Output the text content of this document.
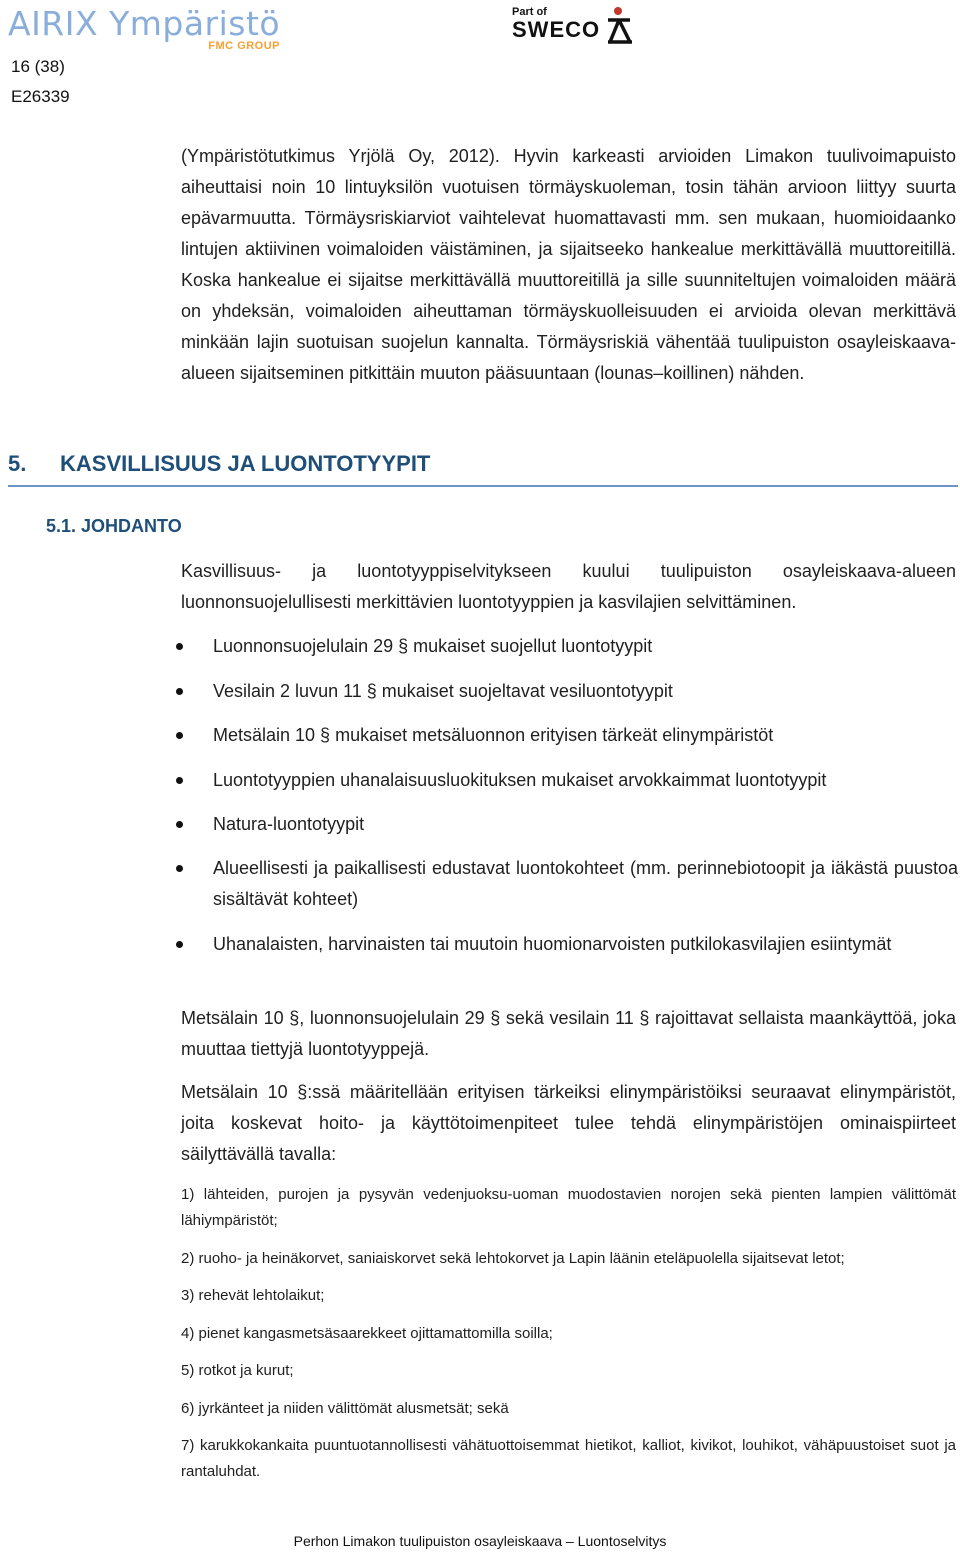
AIRIX Ympäristö
FMC GROUP
Part of
SWECO
16 (38)
E26339

(Ympäristötutkimus Yrjölä Oy, 2012). Hyvin karkeasti arvioiden Limakon tuulivoimapuisto aiheuttaisi noin 10 lintuyksilön vuotuisen törmäyskuoleman, tosin tähän arvioon liittyy suurta epävarmuutta. Törmäysriskiarviot vaihtelevat huomattavasti mm. sen mukaan, huomioidaanko lintujen aktiivinen voimaloiden väistäminen, ja sijaitseeko hankealue merkittävällä muuttoreitillä. Koska hankealue ei sijaitse merkittävällä muuttoreitillä ja sille suunniteltujen voimaloiden määrä on yhdeksän, voimaloiden aiheuttaman törmäyskuolleisuuden ei arvioida olevan merkittävä minkään lajin suotuisan suojelun kannalta. Törmäysriskiä vähentää tuulipuiston osayleiskaava-alueen sijaitseminen pitkittäin muuton pääsuuntaan (lounas–koillinen) nähden.

5. KASVILLISUUS JA LUONTOTYYPIT
5.1. JOHDANTO

Kasvillisuus- ja luontotyyppiselvitykseen kuului tuulipuiston osayleiskaava-alueen luonnonsuojelullisesti merkittävien luontotyyppien ja kasvilajien selvittäminen.

Luonnonsuojelulain 29 § mukaiset suojellut luontotyypit
Vesilain 2 luvun 11 § mukaiset suojeltavat vesiluontotyypit
Metsälain 10 § mukaiset metsäluonnon erityisen tärkeät elinympäristöt
Luontotyyppien uhanalaisuusluokituksen mukaiset arvokkaimmat luontotyypit
Natura-luontotyypit
Alueellisesti ja paikallisesti edustavat luontokohteet (mm. perinnebiotoopit ja iäkästä puustoa sisältävät kohteet)
Uhanalaisten, harvinaisten tai muutoin huomionarvoisten putkilokasvilajien esiintymät

Metsälain 10 §, luonnonsuojelulain 29 § sekä vesilain 11 § rajoittavat sellaista maankäyttöä, joka muuttaa tiettyjä luontotyyppejä.

Metsälain 10 §:ssä määritellään erityisen tärkeiksi elinympäristöiksi seuraavat elinympäristöt, joita koskevat hoito- ja käyttötoimenpiteet tulee tehdä elinympäristöjen ominaispiirteet säilyttävällä tavalla:

1) lähteiden, purojen ja pysyvän vedenjuoksu-uoman muodostavien norojen sekä pienten lampien välittömät lähiympäristöt;
2) ruoho- ja heinäkorvet, saniaiskorvet sekä lehtokorvet ja Lapin läänin eteläpuolella sijaitsevat letot;
3) rehevät lehtolaikut;
4) pienet kangasmetsäsaarekkeet ojittamattomilla soilla;
5) rotkot ja kurut;
6) jyrkänteet ja niiden välittömät alusmetsät; sekä
7) karukkokankaita puuntuotannollisesti vähätuottoisemmat hietikot, kalliot, kivikot, louhikot, vähäpuustoiset suot ja rantaluhdat.
Perhon Limakon tuulipuiston osayleiskaava – Luontoselvitys
